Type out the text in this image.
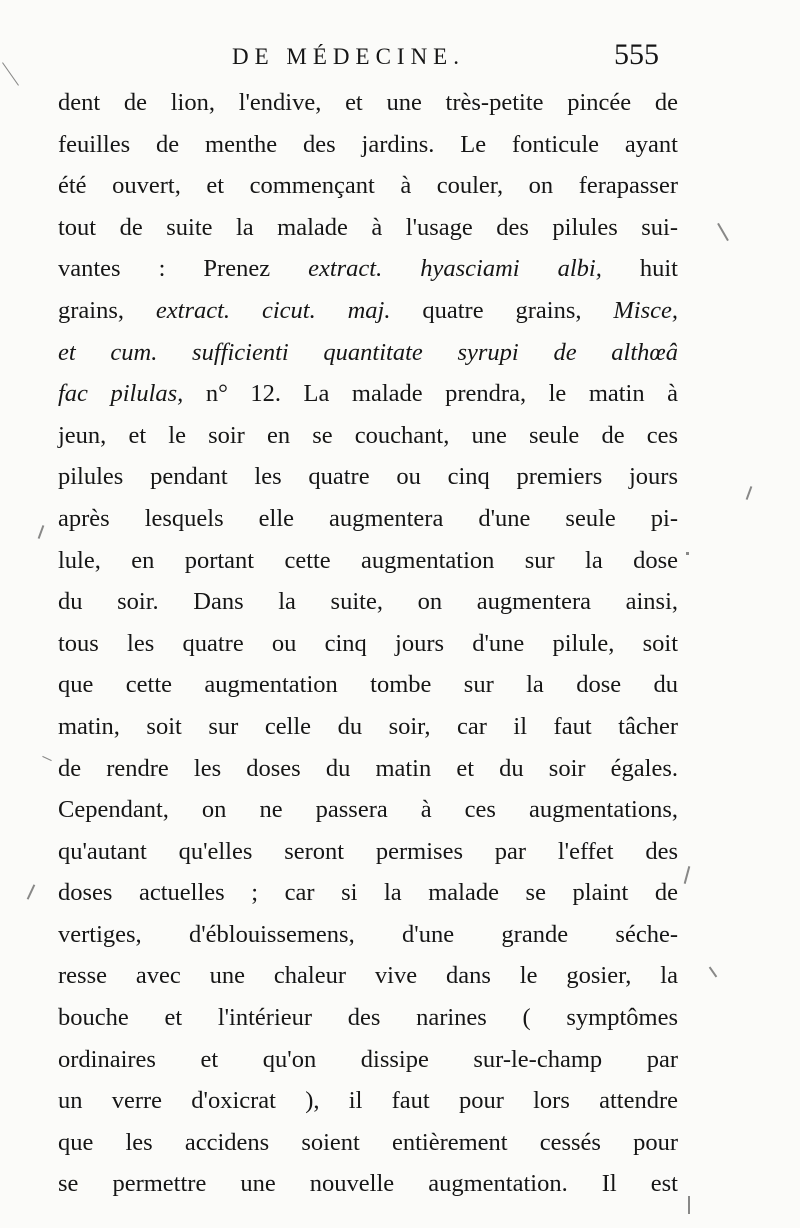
DE MÉDECINE.	555
dent de lion, l'endive, et une très-petite pincée de
feuilles de menthe des jardins. Le fonticule ayant
été ouvert, et commençant à couler, on ferapasser
tout de suite la malade à l'usage des pilules sui-
vantes : Prenez extract. hyasciami albi, huit
grains, extract. cicut. maj. quatre grains, Misce,
et cum. sufficienti quantitate syrupi de althœâ
fac pilulas, n° 12. La malade prendra, le matin à
jeun, et le soir en se couchant, une seule de ces
pilules pendant les quatre ou cinq premiers jours
après lesquels elle augmentera d'une seule pi-
lule, en portant cette augmentation sur la dose
du soir. Dans la suite, on augmentera ainsi,
tous les quatre ou cinq jours d'une pilule, soit
que cette augmentation tombe sur la dose du
matin, soit sur celle du soir, car il faut tâcher
de rendre les doses du matin et du soir égales.
Cependant, on ne passera à ces augmentations,
qu'autant qu'elles seront permises par l'effet des
doses actuelles ; car si la malade se plaint de
vertiges, d'éblouissemens, d'une grande séche-
resse avec une chaleur vive dans le gosier, la
bouche et l'intérieur des narines ( symptômes
ordinaires et qu'on dissipe sur-le-champ par
un verre d'oxicrat ), il faut pour lors attendre
que les accidens soient entièrement cessés pour
se permettre une nouvelle augmentation. Il est
